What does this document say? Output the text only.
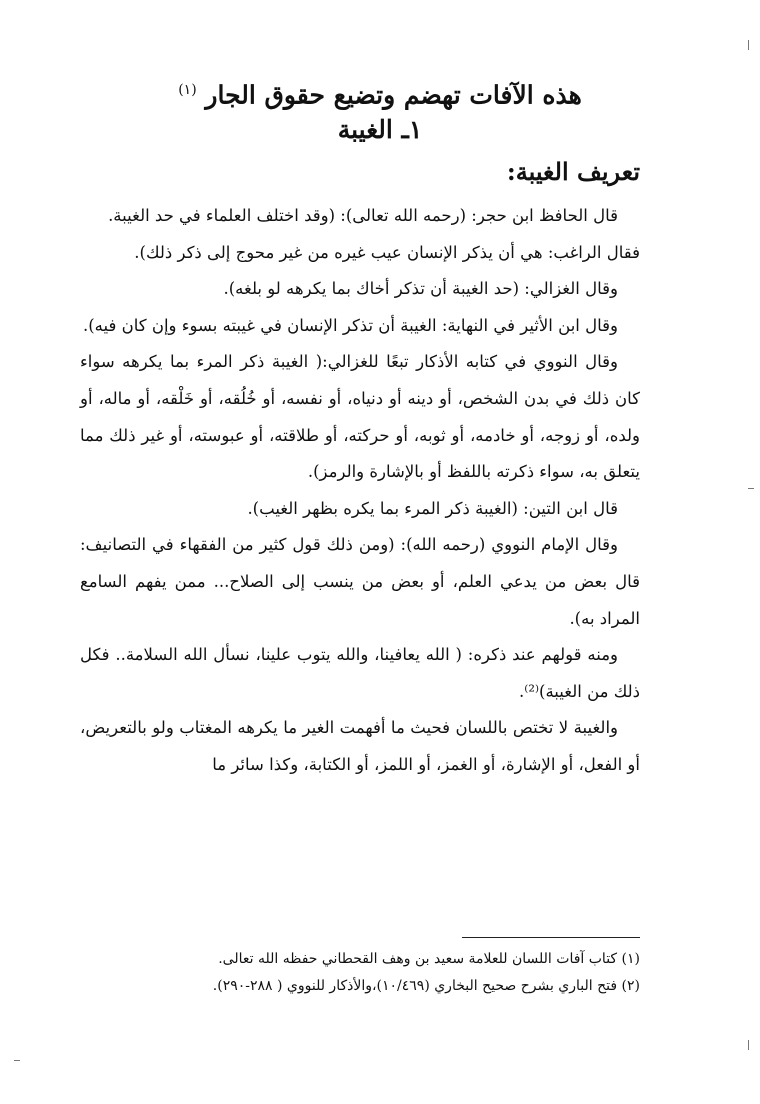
هذه الآفات تهضم وتضيع حقوق الجار $^{(١)}$
١ـ الغيبة
تعريف الغيبة:

قال الحافظ ابن حجر: (رحمه الله تعالى): (وقد اختلف العلماء في حد الغيبة.

فقال الراغب: هي أن يذكر الإنسان عيب غيره من غير محوج إلى ذكر ذلك).

وقال الغزالي: (حد الغيبة أن تذكر أخاك بما يكرهه لو بلغه).

وقال ابن الأثير في النهاية: الغيبة أن تذكر الإنسان في غيبته بسوء وإن كان فيه).

وقال النووي في كتابه الأذكار تبعًا للغزالي:( الغيبة ذكر المرء بما يكرهه سواء كان ذلك في بدن الشخص، أو دينه أو دنياه، أو نفسه، أو خُلُقه، أو خَلْقه، أو ماله، أو ولده، أو زوجه، أو خادمه، أو ثوبه، أو حركته، أو طلاقته، أو عبوسته، أو غير ذلك مما يتعلق به، سواء ذكرته باللفظ أو بالإشارة والرمز).

قال ابن التين: (الغيبة ذكر المرء بما يكره بظهر الغيب).

وقال الإمام النووي (رحمه الله): (ومن ذلك قول كثير من الفقهاء في التصانيف: قال بعض من يدعي العلم، أو بعض من ينسب إلى الصلاح... ممن يفهم السامع المراد به).

ومنه قولهم عند ذكره: ( الله يعافينا، والله يتوب علينا، نسأل الله السلامة.. فكل ذلك من الغيبة)⁽²⁾.

والغيبة لا تختص باللسان فحيث ما أفهمت الغير ما يكرهه المغتاب ولو بالتعريض، أو الفعل، أو الإشارة، أو الغمز، أو اللمز، أو الكتابة، وكذا سائر ما

(١) كتاب آفات اللسان للعلامة سعيد بن وهف القحطاني حفظه الله تعالى.

(٢) فتح الباري بشرح صحيح البخاري (١٠/٤٦٩)،والأذكار للنووي ( ٢٨٨-٢٩٠).
